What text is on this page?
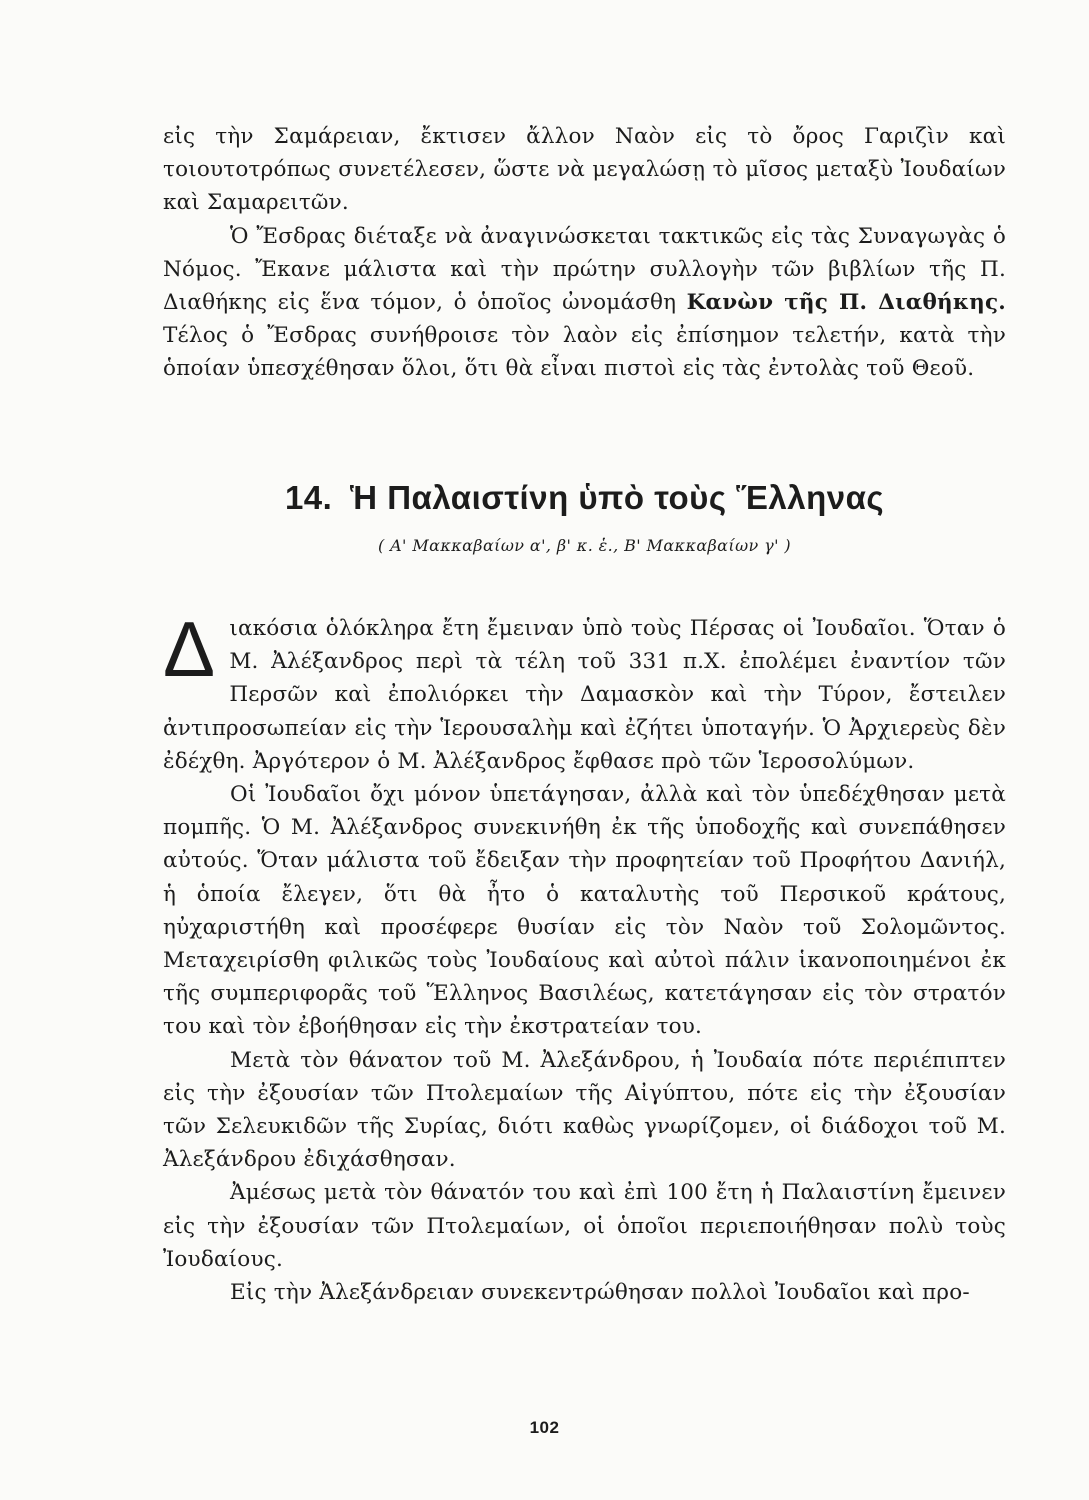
εἰς τὴν Σαμάρειαν, ἔκτισεν ἄλλον Ναὸν εἰς τὸ ὄρος Γαριζὶν καὶ τοιουτοτρόπως συνετέλεσεν, ὥστε νὰ μεγαλώσῃ τὸ μῖσος μεταξὺ Ἰουδαίων καὶ Σαμαρειτῶν.

Ὁ Ἔσδρας διέταξε νὰ ἀναγινώσκεται τακτικῶς εἰς τὰς Συναγωγὰς ὁ Νόμος. Ἔκανε μάλιστα καὶ τὴν πρώτην συλλογὴν τῶν βιβλίων τῆς Π. Διαθήκης εἰς ἕνα τόμον, ὁ ὁποῖος ὠνομάσθη Κανὼν τῆς Π. Διαθήκης. Τέλος ὁ Ἔσδρας συνήθροισε τὸν λαὸν εἰς ἐπίσημον τελετήν, κατὰ τὴν ὁποίαν ὑπεσχέθησαν ὅλοι, ὅτι θὰ εἶναι πιστοὶ εἰς τὰς ἐντολὰς τοῦ Θεοῦ.

14. Ἡ Παλαιστίνη ὑπὸ τοὺς Ἕλληνας

( Α' Μακκαβαίων α', β' κ. ἑ., Β' Μακκαβαίων γ' )

Διακόσια ὁλόκληρα ἔτη ἔμειναν ὑπὸ τοὺς Πέρσας οἱ Ἰουδαῖοι. Ὅταν ὁ Μ. Ἀλέξανδρος περὶ τὰ τέλη τοῦ 331 π.Χ. ἐπολέμει ἐναντίον τῶν Περσῶν καὶ ἐπολιόρκει τὴν Δαμασκὸν καὶ τὴν Τύρον, ἔστειλεν ἀντιπροσωπείαν εἰς τὴν Ἱερουσαλὴμ καὶ ἐζήτει ὑποταγήν. Ὁ Ἀρχιερεὺς δὲν ἐδέχθη. Ἀργότερον ὁ Μ. Ἀλέξανδρος ἔφθασε πρὸ τῶν Ἱεροσολύμων.

Οἱ Ἰουδαῖοι ὄχι μόνον ὑπετάγησαν, ἀλλὰ καὶ τὸν ὑπεδέχθησαν μετὰ πομπῆς. Ὁ Μ. Ἀλέξανδρος συνεκινήθη ἐκ τῆς ὑποδοχῆς καὶ συνεπάθησεν αὐτούς. Ὅταν μάλιστα τοῦ ἔδειξαν τὴν προφητείαν τοῦ Προφήτου Δανιήλ, ἡ ὁποία ἔλεγεν, ὅτι θὰ ἦτο ὁ καταλυτὴς τοῦ Περσικοῦ κράτους, ηὐχαριστήθη καὶ προσέφερε θυσίαν εἰς τὸν Ναὸν τοῦ Σολομῶντος. Μεταχειρίσθη φιλικῶς τοὺς Ἰουδαίους καὶ αὐτοὶ πάλιν ἱκανοποιημένοι ἐκ τῆς συμπεριφορᾶς τοῦ Ἕλληνος Βασιλέως, κατετάγησαν εἰς τὸν στρατόν του καὶ τὸν ἐβοήθησαν εἰς τὴν ἐκστρατείαν του.

Μετὰ τὸν θάνατον τοῦ Μ. Ἀλεξάνδρου, ἡ Ἰουδαία πότε περιέπιπτεν εἰς τὴν ἐξουσίαν τῶν Πτολεμαίων τῆς Αἰγύπτου, πότε εἰς τὴν ἐξουσίαν τῶν Σελευκιδῶν τῆς Συρίας, διότι καθὼς γνωρίζομεν, οἱ διάδοχοι τοῦ Μ. Ἀλεξάνδρου ἐδιχάσθησαν.

Ἀμέσως μετὰ τὸν θάνατόν του καὶ ἐπὶ 100 ἔτη ἡ Παλαιστίνη ἔμεινεν εἰς τὴν ἐξουσίαν τῶν Πτολεμαίων, οἱ ὁποῖοι περιεποιήθησαν πολὺ τοὺς Ἰουδαίους.

Εἰς τὴν Ἀλεξάνδρειαν συνεκεντρώθησαν πολλοὶ Ἰουδαῖοι καὶ προ-

102
